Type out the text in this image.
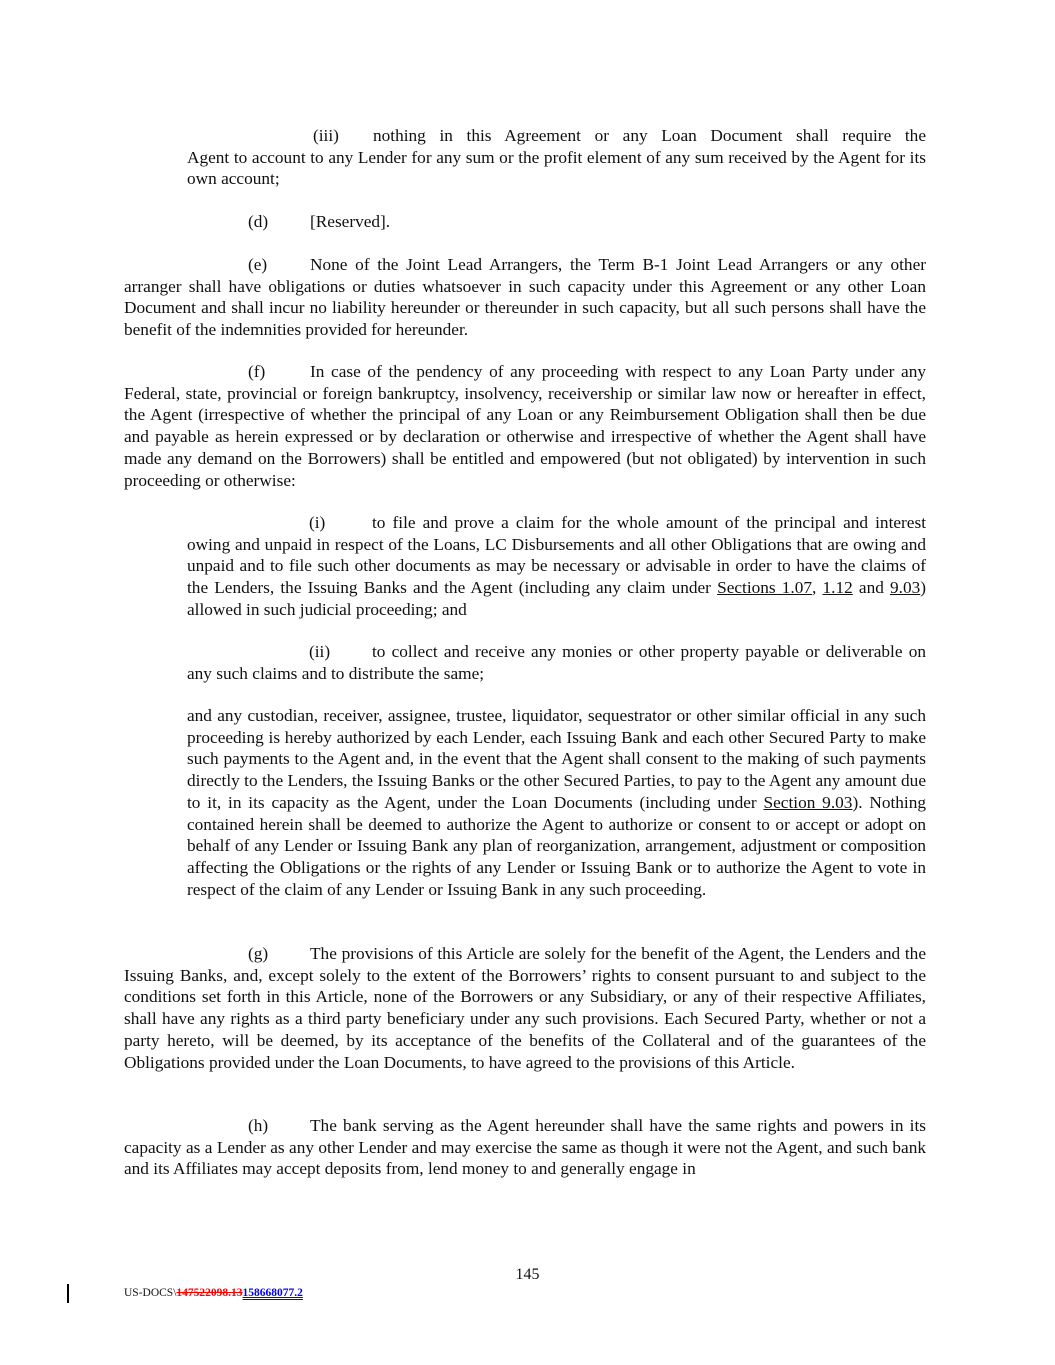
(iii) nothing in this Agreement or any Loan Document shall require the
Agent to account to any Lender for any sum or the profit element of any sum received by the Agent for its own account;
(d) [Reserved].
(e) None of the Joint Lead Arrangers, the Term B-1 Joint Lead Arrangers or any other arranger shall have obligations or duties whatsoever in such capacity under this Agreement or any other Loan Document and shall incur no liability hereunder or thereunder in such capacity, but all such persons shall have the benefit of the indemnities provided for hereunder.
(f)	In case of the pendency of any proceeding with respect to any Loan Party under any Federal, state, provincial or foreign bankruptcy, insolvency, receivership or similar law now or hereafter in effect, the Agent (irrespective of whether the principal of any Loan or any Reimbursement Obligation shall then be due and payable as herein expressed or by declaration or otherwise and irrespective of whether the Agent shall have made any demand on the Borrowers) shall be entitled and empowered (but not obligated) by intervention in such proceeding or otherwise:
(i)	to file and prove a claim for the whole amount of the principal and interest owing and unpaid in respect of the Loans, LC Disbursements and all other Obligations that are owing and unpaid and to file such other documents as may be necessary or advisable in order to have the claims of the Lenders, the Issuing Banks and the Agent (including any claim under Sections 1.07, 1.12 and 9.03) allowed in such judicial proceeding; and
(ii) to collect and receive any monies or other property payable or deliverable on any such claims and to distribute the same;
and any custodian, receiver, assignee, trustee, liquidator, sequestrator or other similar official in any such proceeding is hereby authorized by each Lender, each Issuing Bank and each other Secured Party to make such payments to the Agent and, in the event that the Agent shall consent to the making of such payments directly to the Lenders, the Issuing Banks or the other Secured Parties, to pay to the Agent any amount due to it, in its capacity as the Agent, under the Loan Documents (including under Section 9.03). Nothing contained herein shall be deemed to authorize the Agent to authorize or consent to or accept or adopt on behalf of any Lender or Issuing Bank any plan of reorganization, arrangement, adjustment or composition affecting the Obligations or the rights of any Lender or Issuing Bank or to authorize the Agent to vote in respect of the claim of any Lender or Issuing Bank in any such proceeding.
(g) The provisions of this Article are solely for the benefit of the Agent, the Lenders and the Issuing Banks, and, except solely to the extent of the Borrowers’ rights to consent pursuant to and subject to the conditions set forth in this Article, none of the Borrowers or any Subsidiary, or any of their respective Affiliates, shall have any rights as a third party beneficiary under any such provisions. Each Secured Party, whether or not a party hereto, will be deemed, by its acceptance of the benefits of the Collateral and of the guarantees of the Obligations provided under the Loan Documents, to have agreed to the provisions of this Article.
(h) The bank serving as the Agent hereunder shall have the same rights and powers in its capacity as a Lender as any other Lender and may exercise the same as though it were not the Agent, and such bank and its Affiliates may accept deposits from, lend money to and generally engage in
145
US-DOCS\147522098.13158668077.2
